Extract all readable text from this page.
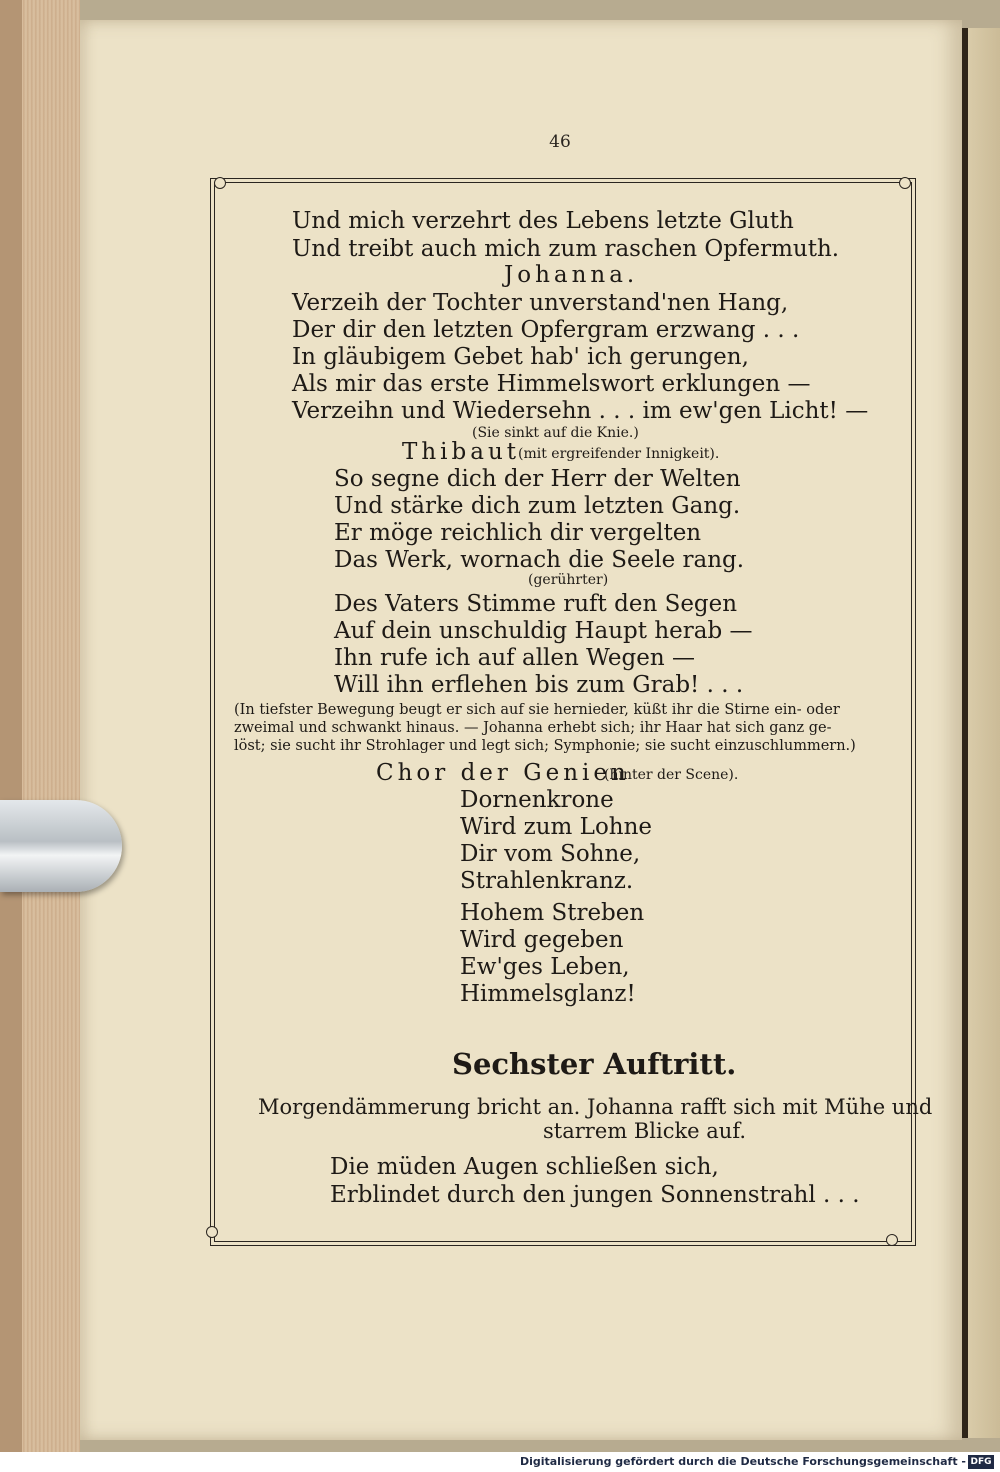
46
Und mich verzehrt des Lebens letzte Gluth
Und treibt auch mich zum raschen Opfermuth.
Johanna.
Verzeih der Tochter unverstand'nen Hang,
Der dir den letzten Opfergram erzwang . . .
In gläubigem Gebet hab' ich gerungen,
Als mir das erste Himmelswort erklungen —
Verzeihn und Wiedersehn . . . im ew'gen Licht! —
(Sie sinkt auf die Knie.)
Thibaut
(mit ergreifender Innigkeit).
So segne dich der Herr der Welten
Und stärke dich zum letzten Gang.
Er möge reichlich dir vergelten
Das Werk, wornach die Seele rang.
(gerührter)
Des Vaters Stimme ruft den Segen
Auf dein unschuldig Haupt herab —
Ihn rufe ich auf allen Wegen —
Will ihn erflehen bis zum Grab! . . .
(In tiefster Bewegung beugt er sich auf sie hernieder, küßt ihr die Stirne ein- oder
zweimal und schwankt hinaus. — Johanna erhebt sich; ihr Haar hat sich ganz ge-
löst; sie sucht ihr Strohlager und legt sich; Symphonie; sie sucht einzuschlummern.)
Chor der Genien
(hinter der Scene).
Dornenkrone
Wird zum Lohne
Dir vom Sohne,
Strahlenkranz.
Hohem Streben
Wird gegeben
Ew'ges Leben,
Himmelsglanz!
Sechster Auftritt.
Morgendämmerung bricht an. Johanna rafft sich mit Mühe und
starrem Blicke auf.
Die müden Augen schließen sich,
Erblindet durch den jungen Sonnenstrahl . . .
Digitalisierung gefördert durch die Deutsche Forschungsgemeinschaft - DFG
